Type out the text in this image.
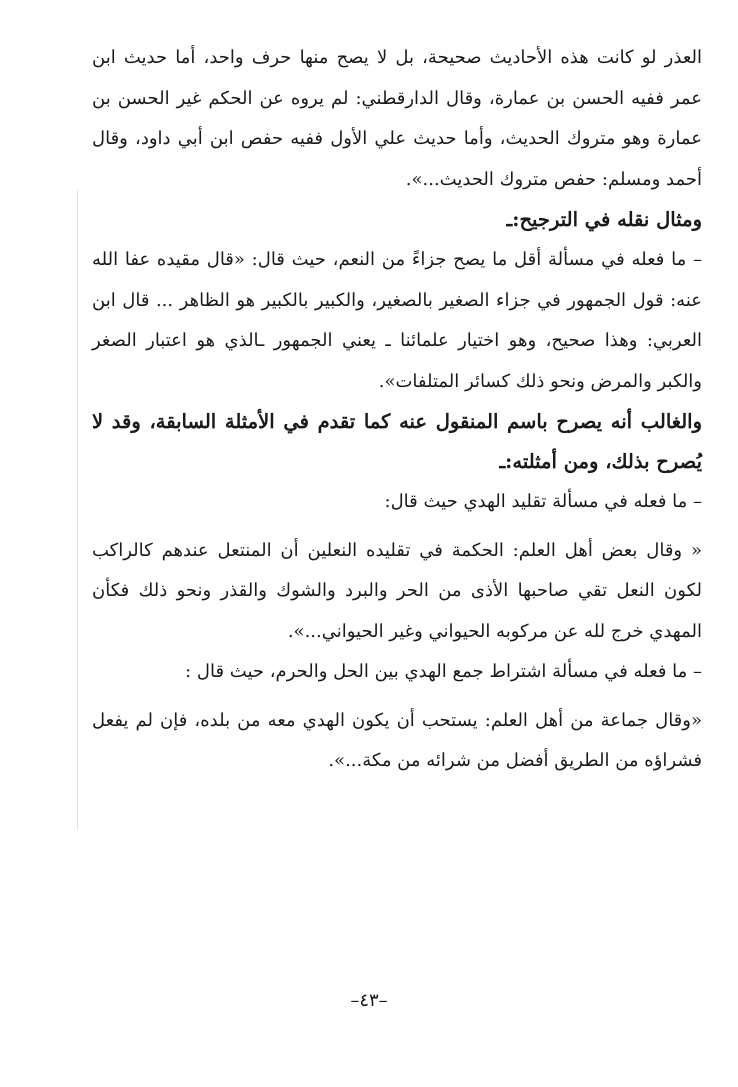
العذر لو كانت هذه الأحاديث صحيحة، بل لا يصح منها حرف واحد، أما حديث ابن عمر ففيه الحسن بن عمارة، وقال الدارقطني: لم يروه عن الحكم غير الحسن بن عمارة وهو متروك الحديث، وأما حديث علي الأول ففيه حفص ابن أبي داود، وقال أحمد ومسلم: حفص متروك الحديث...».

ومثال نقله في الترجيح:ـ

– ما فعله في مسألة أقل ما يصح جزاءً من النعم، حيث قال: «قال مقيده عفا الله عنه: قول الجمهور في جزاء الصغير بالصغير، والكبير بالكبير هو الظاهر ... قال ابن العربي: وهذا صحيح، وهو اختيار علمائنا ـ يعني الجمهور ـالذي هو اعتبار الصغر والكبر والمرض ونحو ذلك كسائر المتلفات».

والغالب أنه يصرح باسم المنقول عنه كما تقدم في الأمثلة السابقة، وقد لا يُصرح بذلك، ومن أمثلته:ـ

– ما فعله في مسألة تقليد الهدي حيث قال:

« وقال بعض أهل العلم: الحكمة في تقليده النعلين أن المنتعل عندهم كالراكب لكون النعل تقي صاحبها الأذى من الحر والبرد والشوك والقذر ونحو ذلك فكأن المهدي خرج لله عن مركوبه الحيواني وغير الحيواني...».

– ما فعله في مسألة اشتراط جمع الهدي بين الحل والحرم، حيث قال :

«وقال جماعة من أهل العلم: يستحب أن يكون الهدي معه من بلده، فإن لم يفعل فشراؤه من الطريق أفضل من شرائه من مكة...».

–٤٣–
